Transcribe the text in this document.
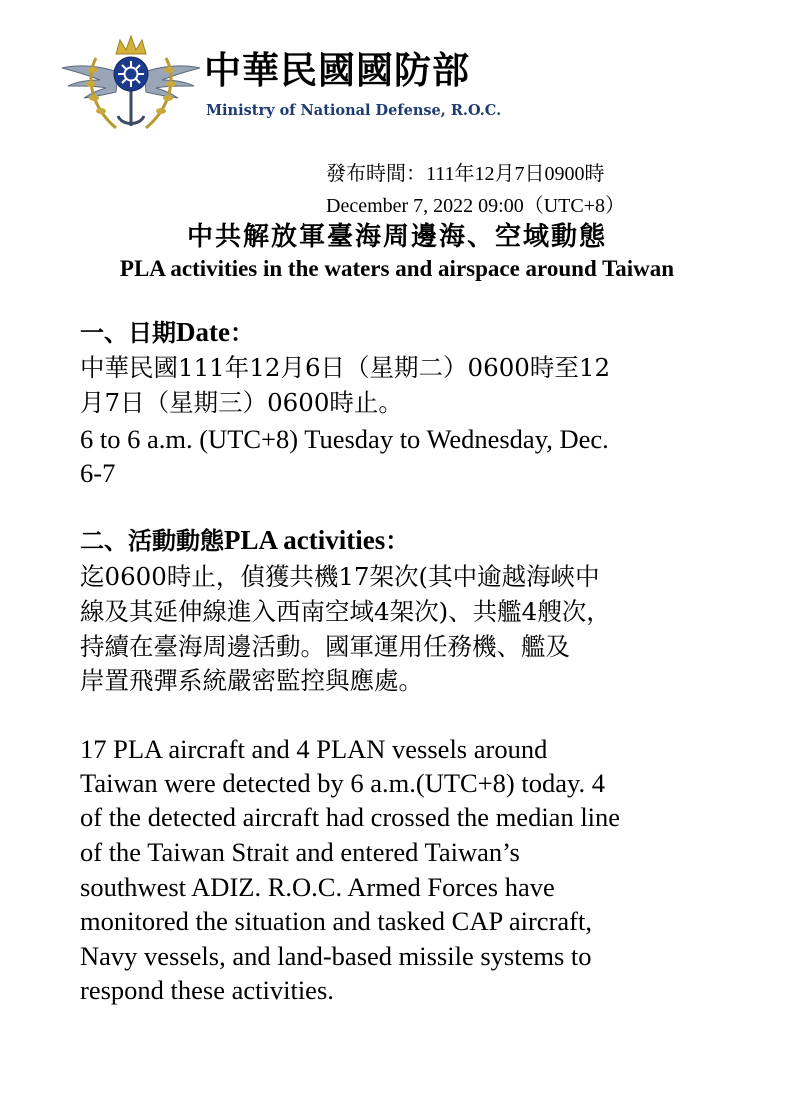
中華民國國防部
Ministry of National Defense, R.O.C.
發布時間：111年12月7日0900時
December 7, 2022 09:00（UTC+8）
中共解放軍臺海周邊海、空域動態
PLA activities in the waters and airspace around Taiwan
一、日期Date：
中華民國111年12月6日（星期二）0600時至12
月7日（星期三）0600時止。
6 to 6 a.m. (UTC+8) Tuesday to Wednesday, Dec.
6-7
二、活動動態PLA activities：
迄0600時止，偵獲共機17架次(其中逾越海峽中
線及其延伸線進入西南空域4架次)、共艦4艘次，
持續在臺海周邊活動。國軍運用任務機、艦及
岸置飛彈系統嚴密監控與應處。
17 PLA aircraft and 4 PLAN vessels around
Taiwan were detected by 6 a.m.(UTC+8) today. 4
of the detected aircraft had crossed the median line
of the Taiwan Strait and entered Taiwan’s
southwest ADIZ. R.O.C. Armed Forces have
monitored the situation and tasked CAP aircraft,
Navy vessels, and land-based missile systems to
respond these activities.
